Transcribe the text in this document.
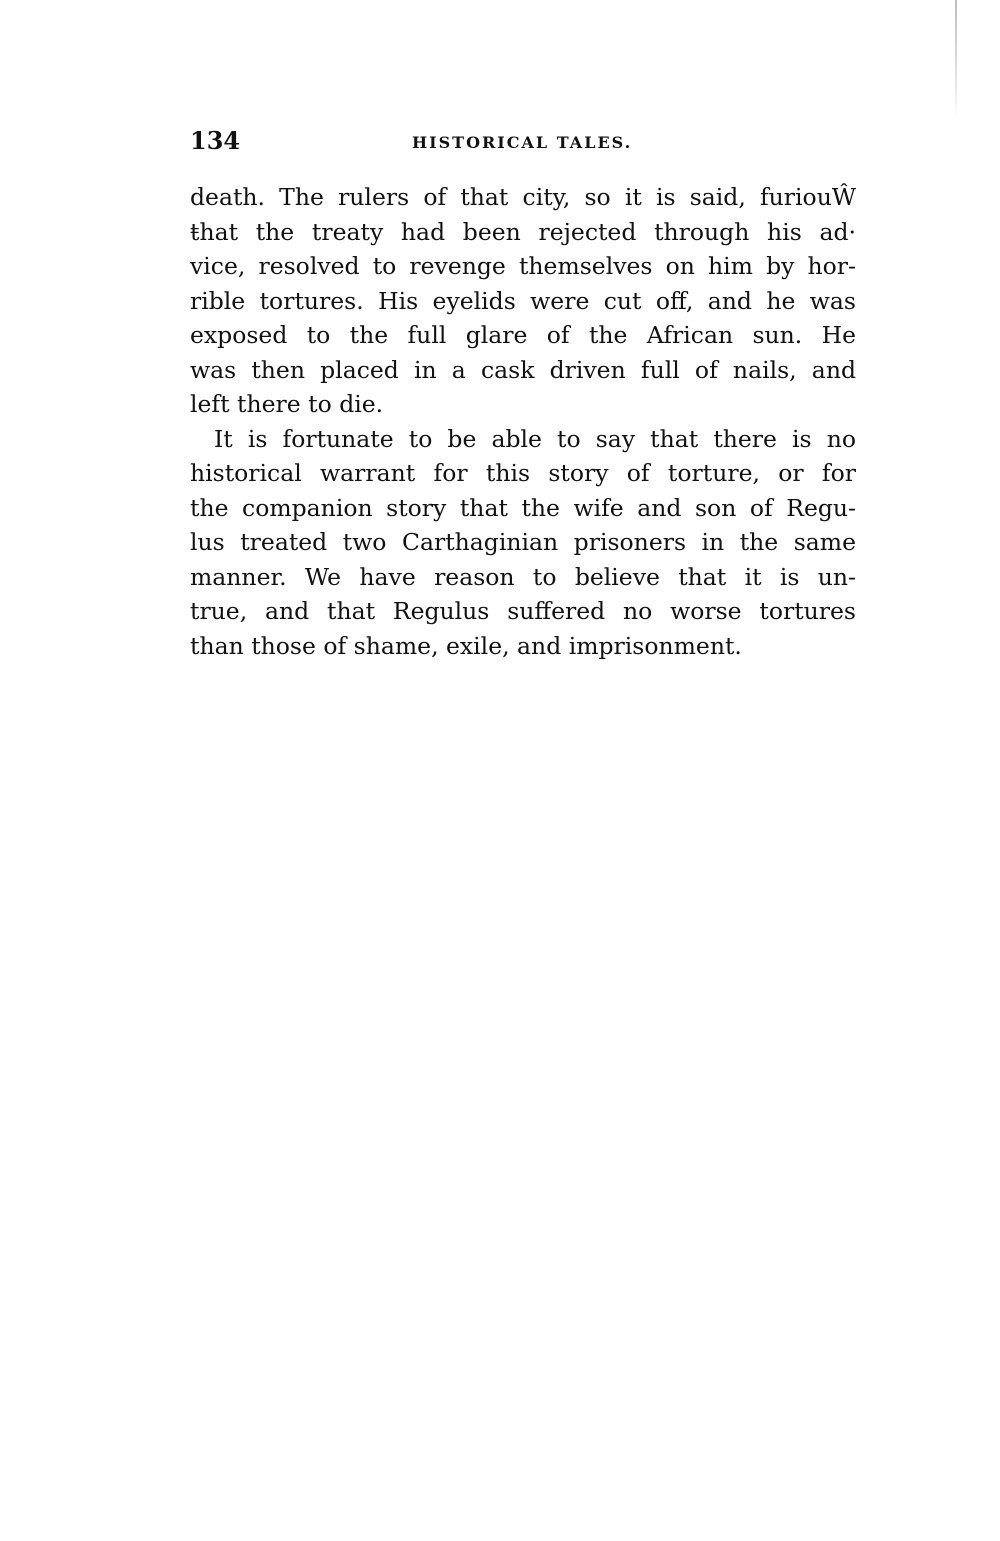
134	HISTORICAL TALES.
death. The rulers of that city, so it is said, furiouŴ
ŧhat the treaty had been rejected through his ad·
vice, resolved to revenge themselves on him by hor-
rible tortures. His eyelids were cut off, and he was
exposed to the full glare of the African sun. He
was then placed in a cask driven full of nails, and
left there to die.
It is fortunate to be able to say that there is no
historical warrant for this story of torture, or for
the companion story that the wife and son of Regu-
lus treated two Carthaginian prisoners in the same
manner. We have reason to believe that it is un-
true, and that Regulus suffered no worse tortures
than those of shame, exile, and imprisonment.
